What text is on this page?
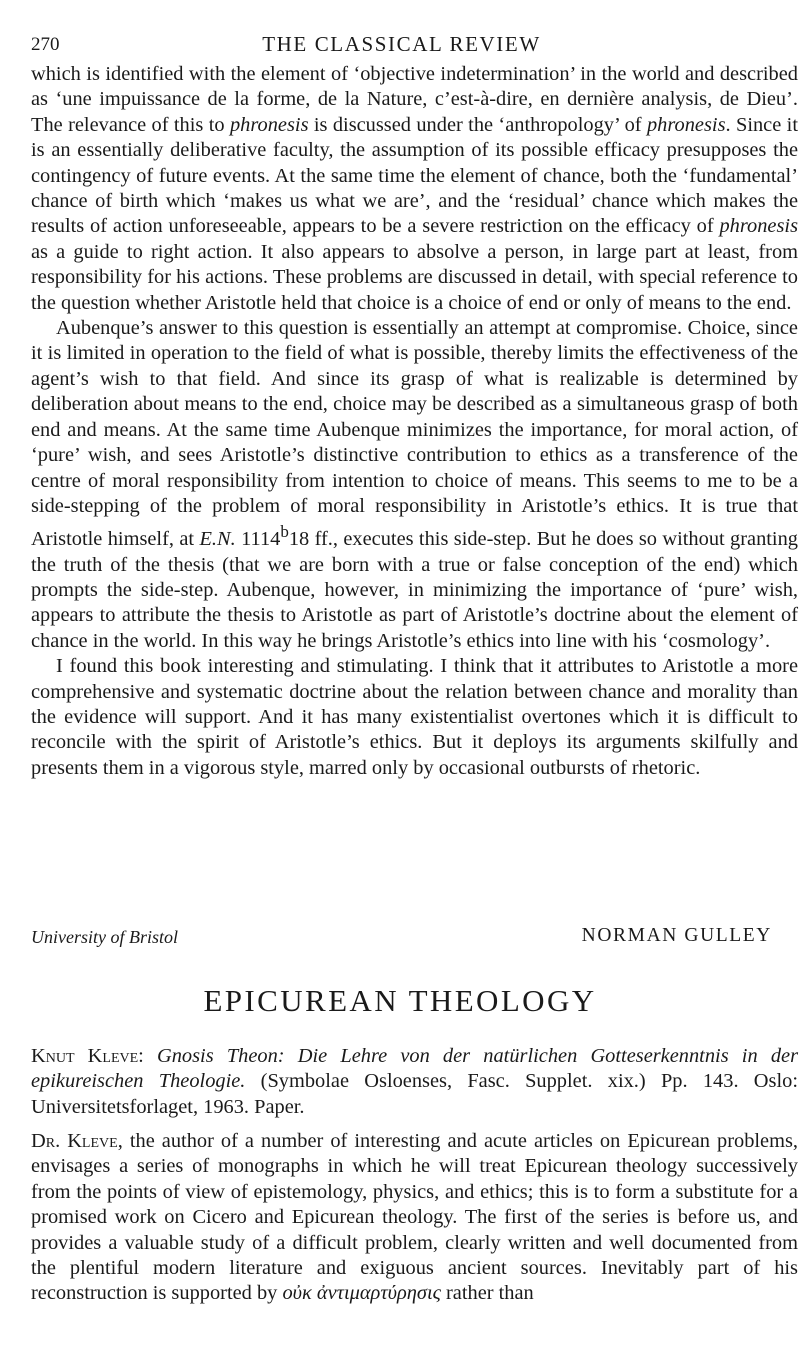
270	THE CLASSICAL REVIEW

which is identified with the element of ‘objective indetermination’ in the world and described as ‘une impuissance de la forme, de la Nature, c’est-à-dire, en dernière analysis, de Dieu’. The relevance of this to phronesis is discussed under the ‘anthropology’ of phronesis. Since it is an essentially deliberative faculty, the assumption of its possible efficacy presupposes the contingency of future events. At the same time the element of chance, both the ‘fundamental’ chance of birth which ‘makes us what we are’, and the ‘residual’ chance which makes the results of action unforeseeable, appears to be a severe restriction on the efficacy of phronesis as a guide to right action. It also appears to absolve a person, in large part at least, from responsibility for his actions. These problems are discussed in detail, with special reference to the question whether Aristotle held that choice is a choice of end or only of means to the end.

Aubenque’s answer to this question is essentially an attempt at compromise. Choice, since it is limited in operation to the field of what is possible, thereby limits the effectiveness of the agent’s wish to that field. And since its grasp of what is realizable is determined by deliberation about means to the end, choice may be described as a simultaneous grasp of both end and means. At the same time Aubenque minimizes the importance, for moral action, of ‘pure’ wish, and sees Aristotle’s distinctive contribution to ethics as a transference of the centre of moral responsibility from intention to choice of means. This seems to me to be a side-stepping of the problem of moral responsibility in Aristotle’s ethics. It is true that Aristotle himself, at E.N. 1114$^b$18 ff., executes this side-step. But he does so without granting the truth of the thesis (that we are born with a true or false conception of the end) which prompts the side-step. Aubenque, however, in minimizing the importance of ‘pure’ wish, appears to attribute the thesis to Aristotle as part of Aristotle’s doctrine about the element of chance in the world. In this way he brings Aristotle’s ethics into line with his ‘cosmology’.

I found this book interesting and stimulating. I think that it attributes to Aristotle a more comprehensive and systematic doctrine about the relation between chance and morality than the evidence will support. And it has many existentialist overtones which it is difficult to reconcile with the spirit of Aristotle’s ethics. But it deploys its arguments skilfully and presents them in a vigorous style, marred only by occasional outbursts of rhetoric.

University of Bristol	NORMAN GULLEY
EPICUREAN THEOLOGY

Knut Kleve: Gnosis Theon: Die Lehre von der natürlichen Gotteserkenntnis in der epikureischen Theologie. (Symbolae Osloenses, Fasc. Supplet. xix.) Pp. 143. Oslo: Universitetsforlaget, 1963. Paper.

Dr. Kleve, the author of a number of interesting and acute articles on Epicurean problems, envisages a series of monographs in which he will treat Epicurean theology successively from the points of view of epistemology, physics, and ethics; this is to form a substitute for a promised work on Cicero and Epicurean theology. The first of the series is before us, and provides a valuable study of a difficult problem, clearly written and well documented from the plentiful modern literature and exiguous ancient sources. Inevitably part of his reconstruction is supported by οὐκ ἀντιμαρτύρησις rather than
